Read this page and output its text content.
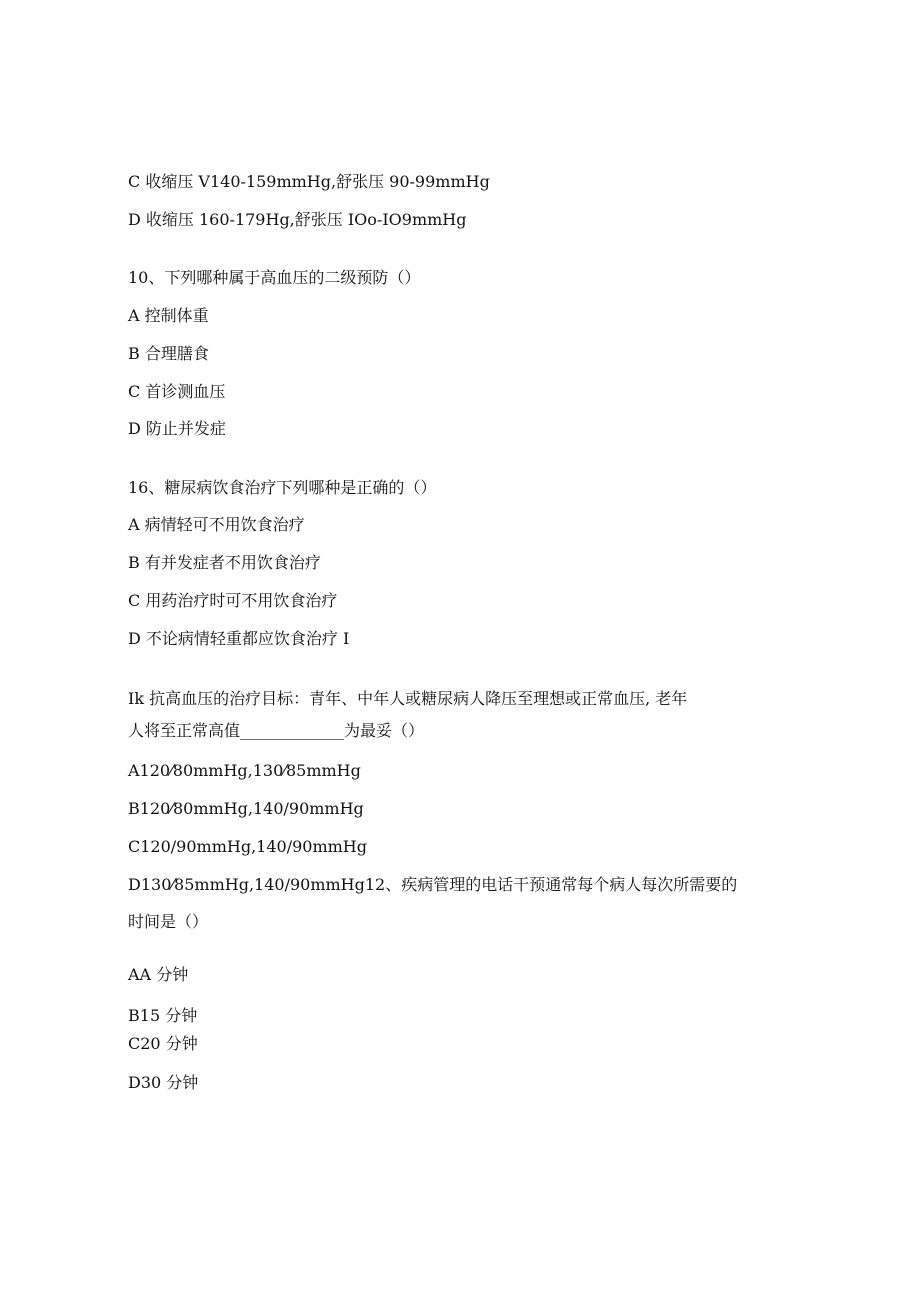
C 收缩压 V140-159mmHg,舒张压 90-99mmHg

D 收缩压 160-179Hg,舒张压 IOo-IO9mmHg

10、下列哪种属于高血压的二级预防（）

A 控制体重

B 合理膳食

C 首诊测血压

D 防止并发症

16、糖尿病饮食治疗下列哪种是正确的（）

A 病情轻可不用饮食治疗

B 有并发症者不用饮食治疗

C 用药治疗时可不用饮食治疗

D 不论病情轻重都应饮食治疗 I

Ik 抗高血压的治疗目标：青年、中年人或糖尿病人降压至理想或正常血压, 老年

人将至正常高值_____________为最妥（）

A120⁄80mmHg,130⁄85mmHg

B120⁄80mmHg,140/90mmHg

C120/90mmHg,140/90mmHg

D130⁄85mmHg,140/90mmHg12、疾病管理的电话干预通常每个病人每次所需要的

时间是（）

AA 分钟

B15 分钟

C20 分钟

D30 分钟
